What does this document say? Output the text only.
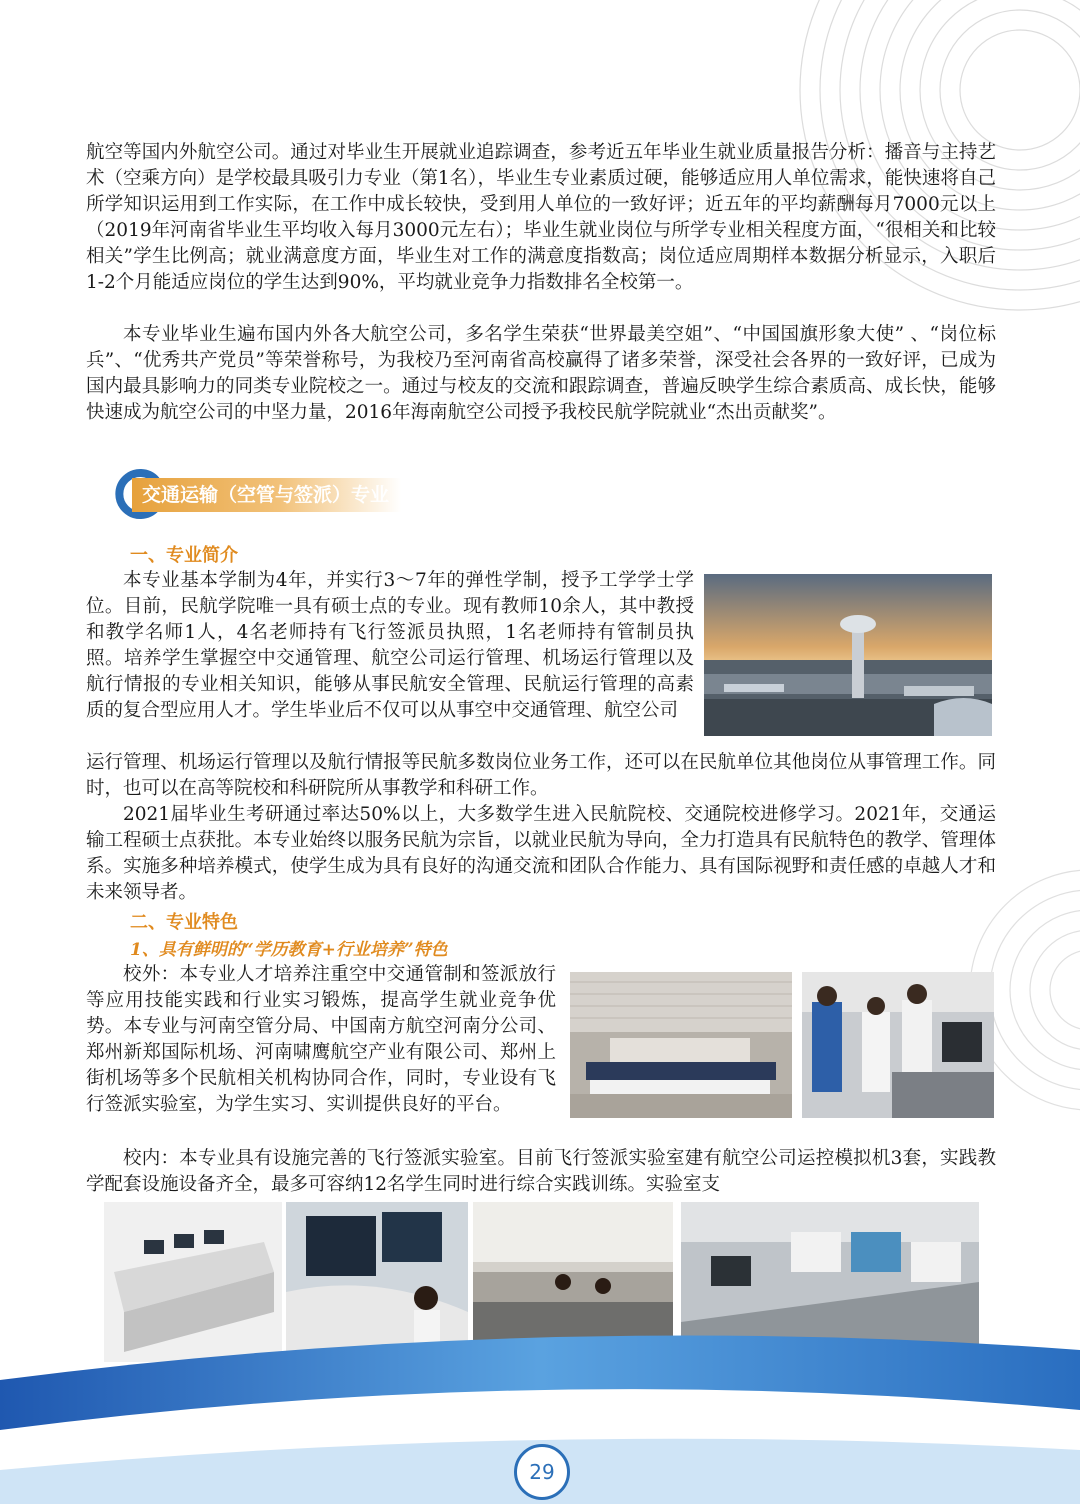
航空等国内外航空公司。通过对毕业生开展就业追踪调查，参考近五年毕业生就业质量报告分析：播音与主持艺术（空乘方向）是学校最具吸引力专业（第1名），毕业生专业素质过硬，能够适应用人单位需求，能快速将自己所学知识运用到工作实际，在工作中成长较快，受到用人单位的一致好评；近五年的平均薪酬每月7000元以上（2019年河南省毕业生平均收入每月3000元左右）；毕业生就业岗位与所学专业相关程度方面，“很相关和比较相关”学生比例高；就业满意度方面，毕业生对工作的满意度指数高；岗位适应周期样本数据分析显示，入职后1-2个月能适应岗位的学生达到90%，平均就业竞争力指数排名全校第一。

本专业毕业生遍布国内外各大航空公司，多名学生荣获“世界最美空姐”、“中国国旗形象大使” 、“岗位标兵”、“优秀共产党员”等荣誉称号，为我校乃至河南省高校赢得了诸多荣誉，深受社会各界的一致好评，已成为国内最具影响力的同类专业院校之一。通过与校友的交流和跟踪调查，普遍反映学生综合素质高、成长快，能够快速成为航空公司的中坚力量，2016年海南航空公司授予我校民航学院就业“杰出贡献奖”。

交通运输（空管与签派）专业
一、专业简介

本专业基本学制为4年，并实行3～7年的弹性学制，授予工学学士学位。目前，民航学院唯一具有硕士点的专业。现有教师10余人，其中教授和教学名师1人，4名老师持有飞行签派员执照，1名老师持有管制员执照。培养学生掌握空中交通管理、航空公司运行管理、机场运行管理以及航行情报的专业相关知识，能够从事民航安全管理、民航运行管理的高素质的复合型应用人才。学生毕业后不仅可以从事空中交通管理、航空公司

运行管理、机场运行管理以及航行情报等民航多数岗位业务工作，还可以在民航单位其他岗位从事管理工作。同时，也可以在高等院校和科研院所从事教学和科研工作。

2021届毕业生考研通过率达50%以上，大多数学生进入民航院校、交通院校进修学习。2021年，交通运输工程硕士点获批。本专业始终以服务民航为宗旨，以就业民航为导向，全力打造具有民航特色的教学、管理体系。实施多种培养模式，使学生成为具有良好的沟通交流和团队合作能力、具有国际视野和责任感的卓越人才和未来领导者。

二、专业特色
1、具有鲜明的“学历教育+行业培养”特色

校外：本专业人才培养注重空中交通管制和签派放行等应用技能实践和行业实习锻炼，提高学生就业竞争优势。本专业与河南空管分局、中国南方航空河南分公司、郑州新郑国际机场、河南啸鹰航空产业有限公司、郑州上街机场等多个民航相关机构协同合作，同时，专业设有飞行签派实验室，为学生实习、实训提供良好的平台。

校内：本专业具有设施完善的飞行签派实验室。目前飞行签派实验室建有航空公司运控模拟机3套，实践教学配套设施设备齐全，最多可容纳12名学生同时进行综合实践训练。实验室支

29
